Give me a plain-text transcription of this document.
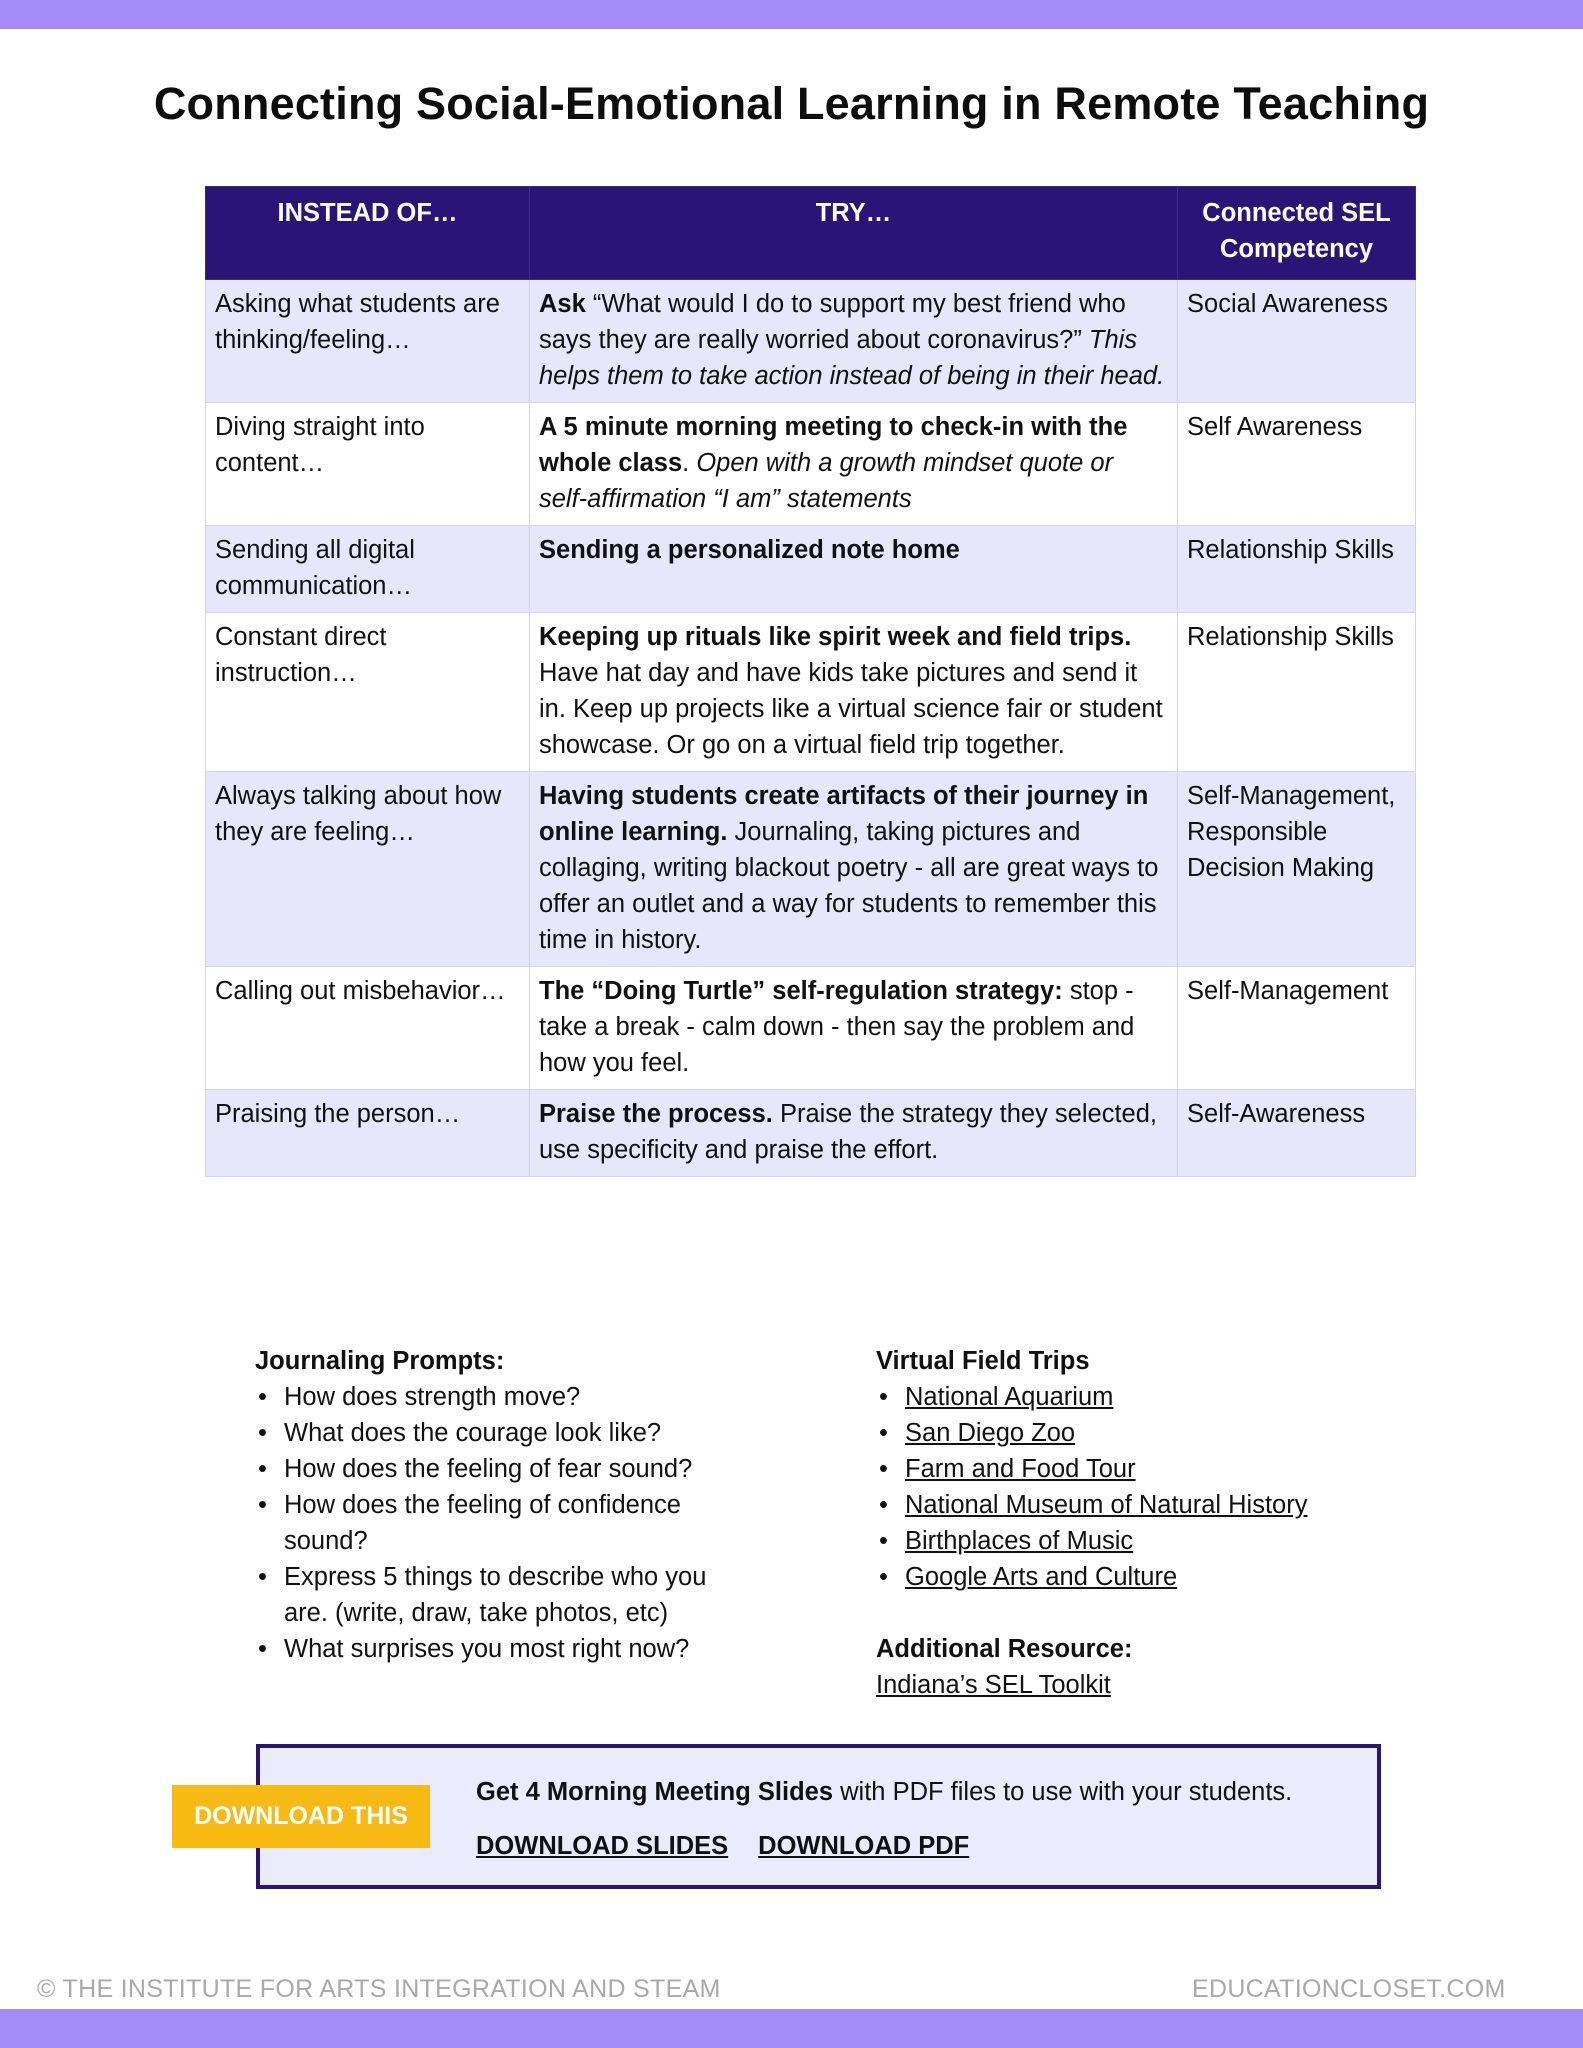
Connecting Social-Emotional Learning in Remote Teaching
INSTEAD OF…	TRY…	Connected SEL Competency
Asking what students are thinking/feeling…	Ask “What would I do to support my best friend who says they are really worried about coronavirus?” This helps them to take action instead of being in their head.	Social Awareness
Diving straight into content…	A 5 minute morning meeting to check-in with the whole class. Open with a growth mindset quote or self-affirmation “I am” statements	Self Awareness
Sending all digital communication…	Sending a personalized note home	Relationship Skills
Constant direct instruction…	Keeping up rituals like spirit week and field trips. Have hat day and have kids take pictures and send it in. Keep up projects like a virtual science fair or student showcase. Or go on a virtual field trip together.	Relationship Skills
Always talking about how they are feeling…	Having students create artifacts of their journey in online learning. Journaling, taking pictures and collaging, writing blackout poetry - all are great ways to offer an outlet and a way for students to remember this time in history.	Self-Management, Responsible Decision Making
Calling out misbehavior…	The “Doing Turtle” self-regulation strategy: stop - take a break - calm down - then say the problem and how you feel.	Self-Management
Praising the person…	Praise the process. Praise the strategy they selected, use specificity and praise the effort.	Self-Awareness
Journaling Prompts:
• How does strength move?
• What does the courage look like?
• How does the feeling of fear sound?
• How does the feeling of confidence sound?
• Express 5 things to describe who you are. (write, draw, take photos, etc)
• What surprises you most right now?
Virtual Field Trips
• National Aquarium
• San Diego Zoo
• Farm and Food Tour
• National Museum of Natural History
• Birthplaces of Music
• Google Arts and Culture
Additional Resource:
Indiana’s SEL Toolkit
Get 4 Morning Meeting Slides with PDF files to use with your students.
DOWNLOAD SLIDES DOWNLOAD PDF
DOWNLOAD THIS
© THE INSTITUTE FOR ARTS INTEGRATION AND STEAM	EDUCATIONCLOSET.COM
